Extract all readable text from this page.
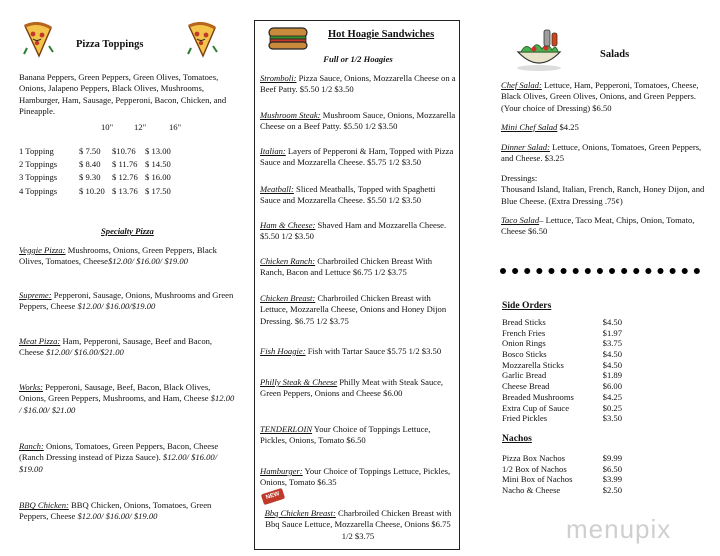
Pizza Toppings

Banana Peppers, Green Peppers, Green Olives, Tomatoes, Onions, Jalapeno Peppers, Black Olives, Mushrooms, Hamburger, Ham, Sausage, Pepperoni, Bacon, Chicken, and Pineapple.

10"	12"	16"
1 Topping	$ 7.50	$10.76	$ 13.00
2 Toppings	$ 8.40	$ 11.76 $ 14.50
3 Toppings	$ 9.30	$ 12.76 $ 16.00
4 Toppings	$ 10.20 $ 13.76 $ 17.50
Specialty Pizza

Veggie Pizza: Mushrooms, Onions, Green Peppers, Black Olives, Tomatoes, Cheese$12.00/ $16.00/ $19.00

Supreme: Pepperoni, Sausage, Onions, Mushrooms and Green Peppers, Cheese $12.00/ $16.00/$19.00

Meat Pizza: Ham, Pepperoni, Sausage, Beef and Bacon, Cheese $12.00/ $16.00/$21.00

Works: Pepperoni, Sausage, Beef, Bacon, Black Olives, Onions, Green Peppers, Mushrooms, and Ham, Cheese $12.00 / $16.00/ $21.00

Ranch: Onions, Tomatoes, Green Peppers, Bacon, Cheese (Ranch Dressing instead of Pizza Sauce). $12.00/ $16.00/ $19.00

BBQ Chicken: BBQ Chicken, Onions, Tomatoes, Green Peppers, Cheese $12.00/ $16.00/ $19.00

Hot Hoagie Sandwiches
Full or 1/2 Hoagies

Stromboli: Pizza Sauce, Onions, Mozzarella Cheese on a Beef Patty. $5.50 1/2 $3.50

Mushroom Steak: Mushroom Sauce, Onions, Mozzarella Cheese on a Beef Patty. $5.50 1/2 $3.50

Italian: Layers of Pepperoni & Ham, Topped with Pizza Sauce and Mozzarella Cheese. $5.75 1/2 $3.50

Meatball: Sliced Meatballs, Topped with Spaghetti Sauce and Mozzarella Cheese. $5.50 1/2 $3.50

Ham & Cheese: Shaved Ham and Mozzarella Cheese. $5.50 1/2 $3.50

Chicken Ranch: Charbroiled Chicken Breast With Ranch, Bacon and Lettuce $6.75 1/2 $3.75

Chicken Breast: Charbroiled Chicken Breast with Lettuce, Mozzarella Cheese, Onions and Honey Dijon Dressing. $6.75 1/2 $3.75

Fish Hoagie: Fish with Tartar Sauce $5.75 1/2 $3.50

Philly Steak & Cheese Philly Meat with Steak Sauce, Green Peppers, Onions and Cheese $6.00

TENDERLOIN Your Choice of Toppings Lettuce, Pickles, Onions, Tomato $6.50

Hamburger: Your Choice of Toppings Lettuce, Pickles, Onions, Tomato $6.35

NEW

Bbq Chicken Breast: Charbroiled Chicken Breast with Bbq Sauce Lettuce, Mozzarella Cheese, Onions $6.75 1/2 $3.75

Salads

Chef Salad: Lettuce, Ham, Pepperoni, Tomatoes, Cheese, Black Olives, Green Olives, Onions, and Green Peppers. (Your choice of Dressing) $6.50

Mini Chef Salad $4.25

Dinner Salad: Lettuce, Onions, Tomatoes, Green Peppers, and Cheese. $3.25

Dressings:

Thousand Island, Italian, French, Ranch, Honey Dijon, and Blue Cheese. (Extra Dressing .75¢)

Taco Salad– Lettuce, Taco Meat, Chips, Onion, Tomato, Cheese $6.50

Side Orders
Bread Sticks	$4.50
French Fries	$1.97
Onion Rings	$3.75
Bosco Sticks	$4.50
Mozzarella Sticks	$4.50
Garlic Bread	$1.89
Cheese Bread	$6.00
Breaded Mushrooms	$4.25
Extra Cup of Sauce	$0.25
Fried Pickles	$3.50
Nachos
Pizza Box Nachos	$9.99
1/2 Box of Nachos	$6.50
Mini Box of Nachos	$3.99
Nacho & Cheese	$2.50
menupix
